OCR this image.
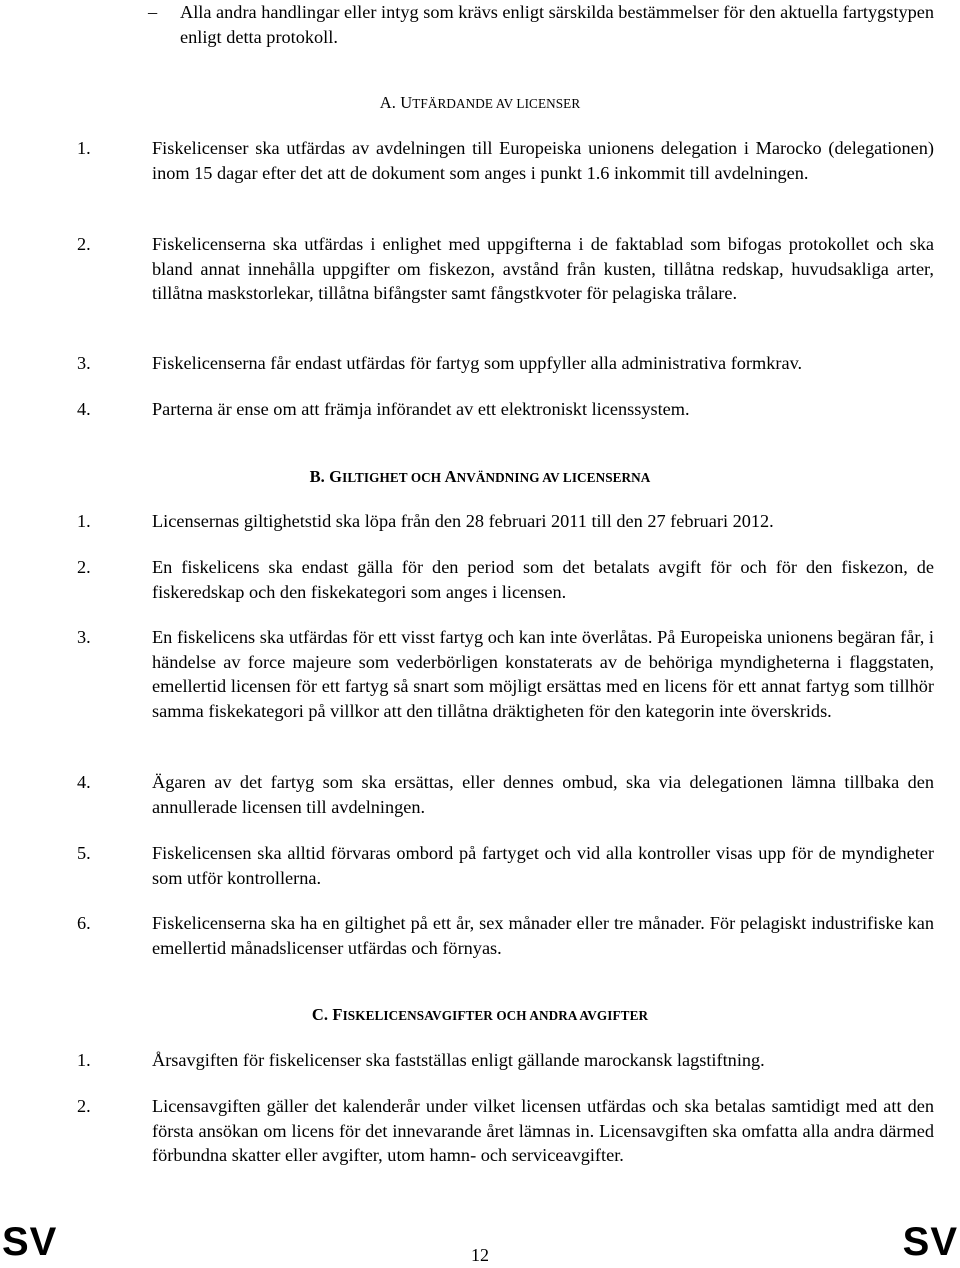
–	Alla andra handlingar eller intyg som krävs enligt särskilda bestämmelser för den aktuella fartygstypen enligt detta protokoll.
A. UTFÄRDANDE AV LICENSER
1.	Fiskelicenser ska utfärdas av avdelningen till Europeiska unionens delegation i Marocko (delegationen) inom 15 dagar efter det att de dokument som anges i punkt 1.6 inkommit till avdelningen.
2.	Fiskelicenserna ska utfärdas i enlighet med uppgifterna i de faktablad som bifogas protokollet och ska bland annat innehålla uppgifter om fiskezon, avstånd från kusten, tillåtna redskap, huvudsakliga arter, tillåtna maskstorlekar, tillåtna bifångster samt fångstkvoter för pelagiska trålare.
3.	Fiskelicenserna får endast utfärdas för fartyg som uppfyller alla administrativa formkrav.
4.	Parterna är ense om att främja införandet av ett elektroniskt licenssystem.
B. GILTIGHET OCH ANVÄNDNING AV LICENSERNA
1.	Licensernas giltighetstid ska löpa från den 28 februari 2011 till den 27 februari 2012.
2.	En fiskelicens ska endast gälla för den period som det betalats avgift för och för den fiskezon, de fiskeredskap och den fiskekategori som anges i licensen.
3.	En fiskelicens ska utfärdas för ett visst fartyg och kan inte överlåtas. På Europeiska unionens begäran får, i händelse av force majeure som vederbörligen konstaterats av de behöriga myndigheterna i flaggstaten, emellertid licensen för ett fartyg så snart som möjligt ersättas med en licens för ett annat fartyg som tillhör samma fiskekategori på villkor att den tillåtna dräktigheten för den kategorin inte överskrids.
4.	Ägaren av det fartyg som ska ersättas, eller dennes ombud, ska via delegationen lämna tillbaka den annullerade licensen till avdelningen.
5.	Fiskelicensen ska alltid förvaras ombord på fartyget och vid alla kontroller visas upp för de myndigheter som utför kontrollerna.
6.	Fiskelicenserna ska ha en giltighet på ett år, sex månader eller tre månader. För pelagiskt industrifiske kan emellertid månadslicenser utfärdas och förnyas.
C. FISKELICENSAVGIFTER OCH ANDRA AVGIFTER
1.	Årsavgiften för fiskelicenser ska fastställas enligt gällande marockansk lagstiftning.
2.	Licensavgiften gäller det kalenderår under vilket licensen utfärdas och ska betalas samtidigt med att den första ansökan om licens för det innevarande året lämnas in. Licensavgiften ska omfatta alla andra därmed förbundna skatter eller avgifter, utom hamn- och serviceavgifter.
SV	12	SV
